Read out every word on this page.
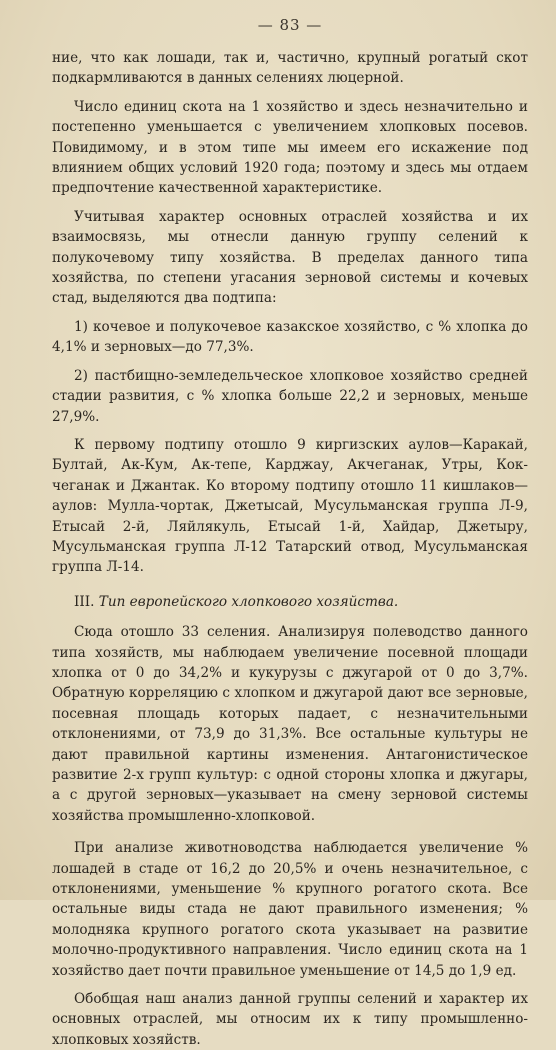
— 83 —

ние, что как лошади, так и, частично, крупный рогатый скот подкармливаются в данных селениях люцерной.

Число единиц скота на 1 хозяйство и здесь незначительно и постепенно уменьшается с увеличением хлопковых посевов. Повидимому, и в этом типе мы имеем его искажение под влиянием общих условий 1920 года; поэтому и здесь мы отдаем предпочтение качественной характеристике.

Учитывая характер основных отраслей хозяйства и их взаимосвязь, мы отнесли данную группу селений к полукочевому типу хозяйства. В пределах данного типа хозяйства, по степени угасания зерновой системы и кочевых стад, выделяются два подтипа:

1) кочевое и полукочевое казакское хозяйство, с % хлопка до 4,1% и зерновых—до 77,3%.

2) пастбищно-земледельческое хлопковое хозяйство средней стадии развития, с % хлопка больше 22,2 и зерновых, меньше 27,9%.

К первому подтипу отошло 9 киргизских аулов—Каракай, Бултай, Ак-Кум, Ак-тепе, Карджау, Акчеганак, Утры, Кок-чеганак и Джантак. Ко второму подтипу отошло 11 кишлаков—аулов: Мулла-чортак, Джетысай, Мусульманская группа Л-9, Етысай 2-й, Ляйлякуль, Етысай 1-й, Хайдар, Джетыру, Мусульманская группа Л-12 Татарский отвод, Мусульманская группа Л-14.

III. Тип европейского хлопкового хозяйства.

Сюда отошло 33 селения. Анализируя полеводство данного типа хозяйств, мы наблюдаем увеличение посевной площади хлопка от 0 до 34,2% и кукурузы с джугарой от 0 до 3,7%. Обратную корреляцию с хлопком и джугарой дают все зерновые, посевная площадь которых падает, с незначительными отклонениями, от 73,9 до 31,3%. Все остальные культуры не дают правильной картины изменения. Антагонистическое развитие 2-х групп культур: с одной стороны хлопка и джугары, а с другой зерновых—указывает на смену зерновой системы хозяйства промышленно-хлопковой.

При анализе животноводства наблюдается увеличение % лошадей в стаде от 16,2 до 20,5% и очень незначительное, с отклонениями, уменьшение % крупного рогатого скота. Все остальные виды стада не дают правильного изменения; % молодняка крупного рогатого скота указывает на развитие молочно-продуктивного направления. Число единиц скота на 1 хозяйство дает почти правильное уменьшение от 14,5 до 1,9 ед.

Обобщая наш анализ данной группы селений и характер их основных отраслей, мы относим их к типу промышленно-хлопковых хозяйств.
